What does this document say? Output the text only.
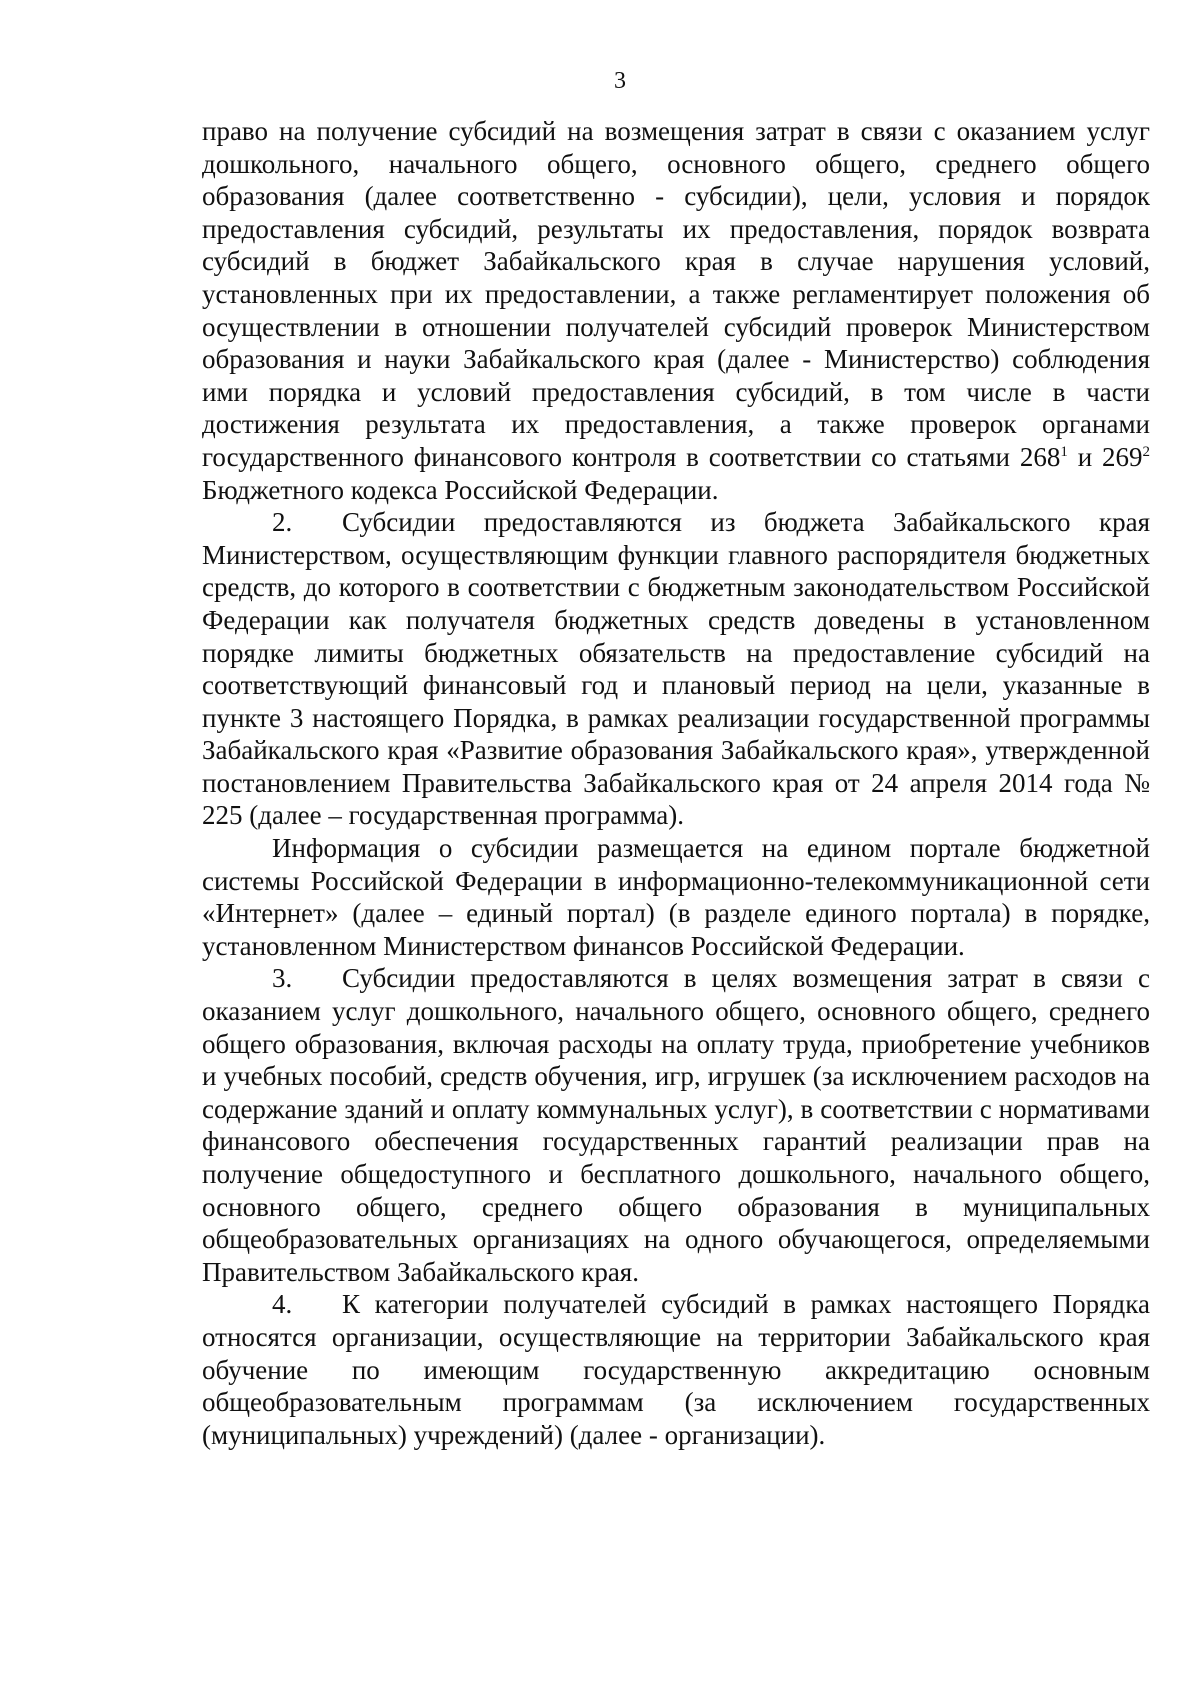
3

право на получение субсидий на возмещения затрат в связи с оказанием услуг дошкольного, начального общего, основного общего, среднего общего образования (далее соответственно - субсидии), цели, условия и порядок предоставления субсидий, результаты их предоставления, порядок возврата субсидий в бюджет Забайкальского края в случае нарушения условий, установленных при их предоставлении, а также регламентирует положения об осуществлении в отношении получателей субсидий проверок Министерством образования и науки Забайкальского края (далее - Министерство) соблюдения ими порядка и условий предоставления субсидий, в том числе в части достижения результата их предоставления, а также проверок органами государственного финансового контроля в соответствии со статьями $268^1$ и $269^2$ Бюджетного кодекса Российской Федерации.

2. Субсидии предоставляются из бюджета Забайкальского края Министерством, осуществляющим функции главного распорядителя бюджетных средств, до которого в соответствии с бюджетным законодательством Российской Федерации как получателя бюджетных средств доведены в установленном порядке лимиты бюджетных обязательств на предоставление субсидий на соответствующий финансовый год и плановый период на цели, указанные в пункте 3 настоящего Порядка, в рамках реализации государственной программы Забайкальского края «Развитие образования Забайкальского края», утвержденной постановлением Правительства Забайкальского края от 24 апреля 2014 года № 225 (далее – государственная программа).

Информация о субсидии размещается на едином портале бюджетной системы Российской Федерации в информационно-телекоммуникационной сети «Интернет» (далее – единый портал) (в разделе единого портала) в порядке, установленном Министерством финансов Российской Федерации.

3. Субсидии предоставляются в целях возмещения затрат в связи с оказанием услуг дошкольного, начального общего, основного общего, среднего общего образования, включая расходы на оплату труда, приобретение учебников и учебных пособий, средств обучения, игр, игрушек (за исключением расходов на содержание зданий и оплату коммунальных услуг), в соответствии с нормативами финансового обеспечения государственных гарантий реализации прав на получение общедоступного и бесплатного дошкольного, начального общего, основного общего, среднего общего образования в муниципальных общеобразовательных организациях на одного обучающегося, определяемыми Правительством Забайкальского края.

4. К категории получателей субсидий в рамках настоящего Порядка относятся организации, осуществляющие на территории Забайкальского края обучение по имеющим государственную аккредитацию основным общеобразовательным программам (за исключением государственных (муниципальных) учреждений) (далее - организации).
